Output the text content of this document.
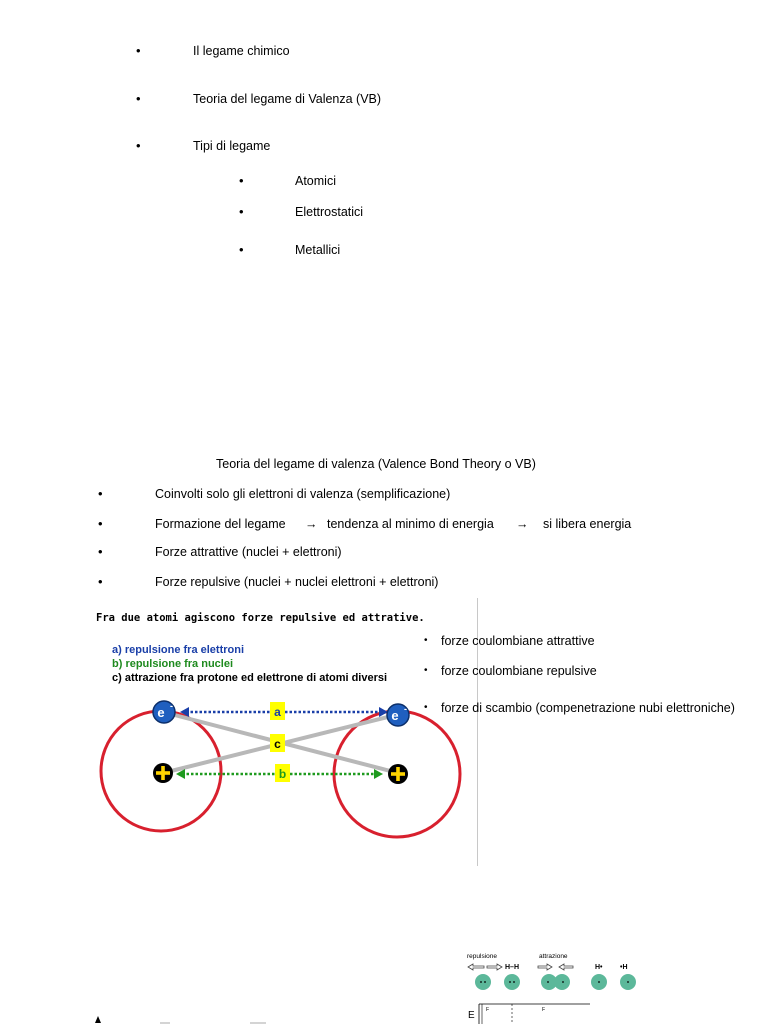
•	Il legame chimico
•	Teoria del legame di Valenza (VB)
•	Tipi di legame
•	Atomici
•	Elettrostatici
•	Metallici
Teoria del legame di valenza (Valence Bond Theory o VB)
•	Coinvolti solo gli elettroni di valenza (semplificazione)
•	Formazione del legame → tendenza al minimo di energia → si libera energia
•	Forze attrattive (nuclei + elettroni)
•	Forze repulsive (nuclei + nuclei elettroni + elettroni)
Fra due atomi agiscono forze repulsive ed attrative.
a) repulsione fra elettroni
b) repulsione fra nuclei
c) attrazione fra protone ed elettrone di atomi diversi
a
c
b
e -
e -
• forze coulombiane attrattive
• forze coulombiane repulsive
• forze di scambio (compenetrazione nubi elettroniche)
repulsione	attrazione
H–H	H• •H
E F	F
